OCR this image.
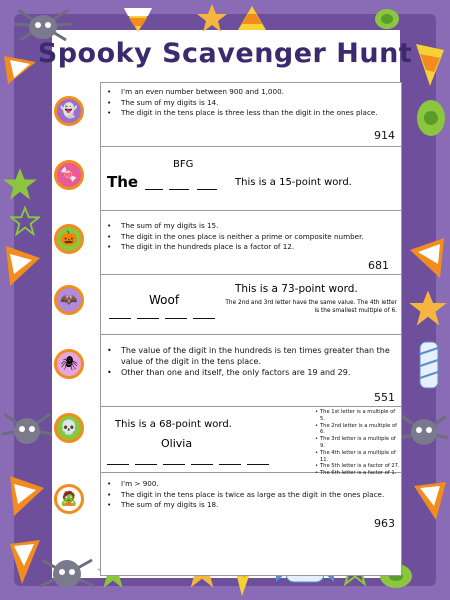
Spooky Scavenger Hunt
👻
🍬
🎃
🦇
🕷
💀
🧟
• I'm an even number between 900 and 1,000.
• The sum of my digits is 14.
• The digit in the tens place is three less than the digit in the ones place.
914
BFG
The	This is a 15-point word.
• The sum of my digits is 15.
• The digit in the ones place is neither a prime or composite number.
• The digit in the hundreds place is a factor of 12.
681
Woof
This is a 73-point word.
The 2nd and 3rd letter have the same value. The 4th letter is the smallest multiple of 6.
• The value of the digit in the hundreds is ten times greater than the value of the digit in the tens place.
• Other than one and itself, the only factors are 19 and 29.
551
This is a 68-point word.
Olivia
• The 1st letter is a multiple of 5.
• The 2nd letter is a multiple of 6.
• The 3rd letter is a multiple of 9.
• The 4th letter is a multiple of 11.
• The 5th letter is a factor of 27.
• The 6th letter is a factor of 1.
• I'm > 900.
• The digit in the tens place is twice as large as the digit in the ones place.
• The sum of my digits is 18.
963
